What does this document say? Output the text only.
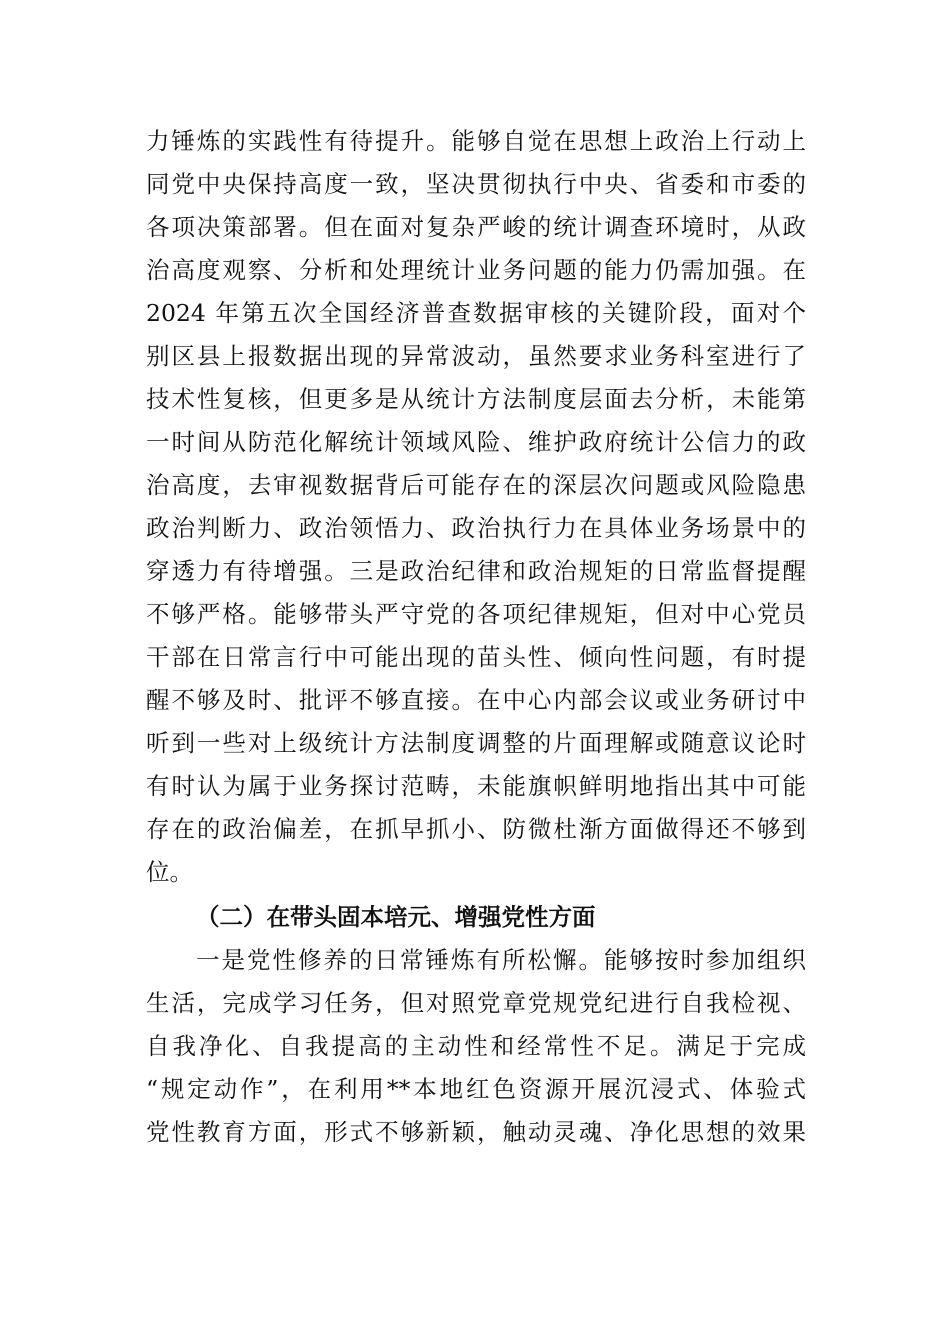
力锤炼的实践性有待提升。能够自觉在思想上政治上行动上
同党中央保持高度一致，坚决贯彻执行中央、省委和市委的
各项决策部署。但在面对复杂严峻的统计调查环境时，从政
治高度观察、分析和处理统计业务问题的能力仍需加强。在
2024 年第五次全国经济普查数据审核的关键阶段，面对个
别区县上报数据出现的异常波动，虽然要求业务科室进行了
技术性复核，但更多是从统计方法制度层面去分析，未能第
一时间从防范化解统计领域风险、维护政府统计公信力的政
治高度，去审视数据背后可能存在的深层次问题或风险隐患
政治判断力、政治领悟力、政治执行力在具体业务场景中的
穿透力有待增强。三是政治纪律和政治规矩的日常监督提醒
不够严格。能够带头严守党的各项纪律规矩，但对中心党员
干部在日常言行中可能出现的苗头性、倾向性问题，有时提
醒不够及时、批评不够直接。在中心内部会议或业务研讨中
听到一些对上级统计方法制度调整的片面理解或随意议论时
有时认为属于业务探讨范畴，未能旗帜鲜明地指出其中可能
存在的政治偏差，在抓早抓小、防微杜渐方面做得还不够到
位。
（二）在带头固本培元、增强党性方面
一是党性修养的日常锤炼有所松懈。能够按时参加组织
生活，完成学习任务，但对照党章党规党纪进行自我检视、
自我净化、自我提高的主动性和经常性不足。满足于完成
“规定动作”，在利用**本地红色资源开展沉浸式、体验式
党性教育方面，形式不够新颖，触动灵魂、净化思想的效果
